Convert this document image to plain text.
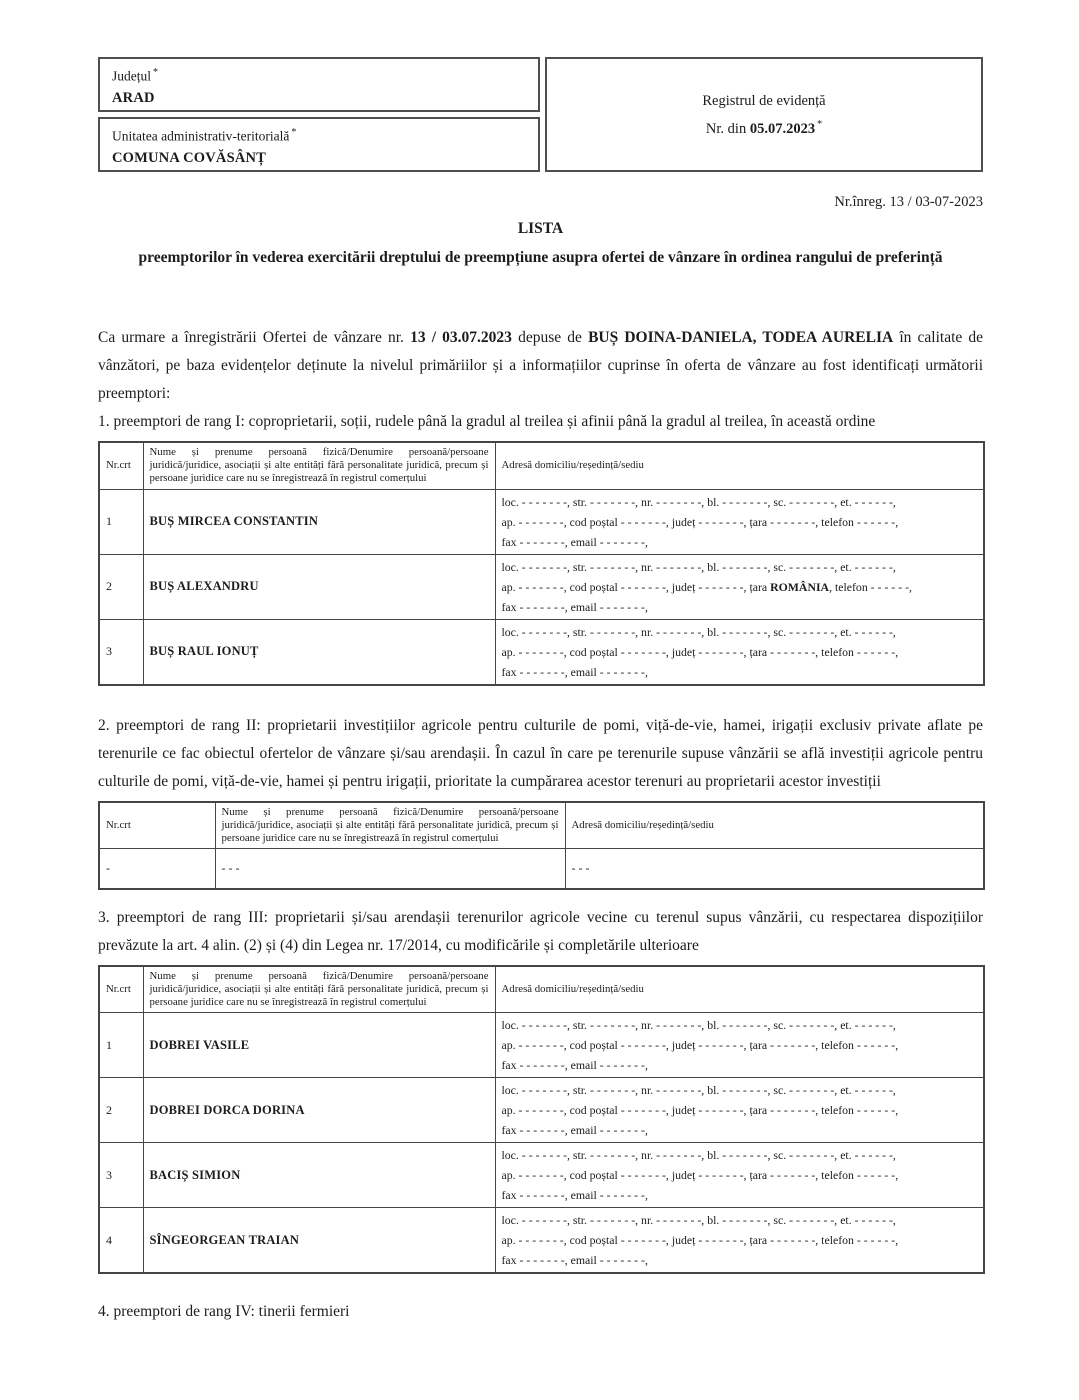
Județul *
ARAD
Unitatea administrativ-teritorială *
COMUNA COVĂSÂNȚ
Registrul de evidență
Nr. din 05.07.2023 *
Nr.înreg. 13 / 03-07-2023
LISTA
preemptorilor în vederea exercitării dreptului de preempțiune asupra ofertei de vânzare în ordinea rangului de preferință

Ca urmare a înregistrării Ofertei de vânzare nr. 13 / 03.07.2023 depuse de BUȘ DOINA-DANIELA, TODEA AURELIA în calitate de vânzători, pe baza evidențelor deținute la nivelul primăriilor și a informațiilor cuprinse în oferta de vânzare au fost identificați următorii preemptori:

1. preemptori de rang I: coproprietarii, soții, rudele până la gradul al treilea și afinii până la gradul al treilea, în această ordine

Nr.crt	Nume și prenume persoană fizică/Denumire persoană/persoane juridică/juridice, asociații și alte entități fără personalitate juridică, precum și persoane juridice care nu se înregistrează în registrul comerțului	Adresă domiciliu/reședință/sediu
1	BUȘ MIRCEA CONSTANTIN	loc. - - - - - - -, str. - - - - - - -, nr. - - - - - - -, bl. - - - - - - -, sc. - - - - - - -, et. - - - - - -,
ap. - - - - - - -, cod poștal - - - - - - -, județ - - - - - - -, țara - - - - - - -, telefon - - - - - -,
fax - - - - - - -, email - - - - - - -,

2	BUȘ ALEXANDRU	loc. - - - - - - -, str. - - - - - - -, nr. - - - - - - -, bl. - - - - - - -, sc. - - - - - - -, et. - - - - - -,
ap. - - - - - - -, cod poștal - - - - - - -, județ - - - - - - -, țara ROMÂNIA, telefon - - - - - -,
fax - - - - - - -, email - - - - - - -,

3	BUȘ RAUL IONUȚ	loc. - - - - - - -, str. - - - - - - -, nr. - - - - - - -, bl. - - - - - - -, sc. - - - - - - -, et. - - - - - -,
ap. - - - - - - -, cod poștal - - - - - - -, județ - - - - - - -, țara - - - - - - -, telefon - - - - - -,
fax - - - - - - -, email - - - - - - -,

2. preemptori de rang II: proprietarii investițiilor agricole pentru culturile de pomi, viță-de-vie, hamei, irigații exclusiv private aflate pe terenurile ce fac obiectul ofertelor de vânzare și/sau arendașii. În cazul în care pe terenurile supuse vânzării se află investiții agricole pentru culturile de pomi, viță-de-vie, hamei și pentru irigații, prioritate la cumpărarea acestor terenuri au proprietarii acestor investiții

Nr.crt	Nume și prenume persoană fizică/Denumire persoană/persoane juridică/juridice, asociații și alte entități fără personalitate juridică, precum și persoane juridice care nu se înregistrează în registrul comerțului	Adresă domiciliu/reședință/sediu
-	- - -	- - -

3. preemptori de rang III: proprietarii și/sau arendașii terenurilor agricole vecine cu terenul supus vânzării, cu respectarea dispozițiilor prevăzute la art. 4 alin. (2) și (4) din Legea nr. 17/2014, cu modificările și completările ulterioare

Nr.crt	Nume și prenume persoană fizică/Denumire persoană/persoane juridică/juridice, asociații și alte entități fără personalitate juridică, precum și persoane juridice care nu se înregistrează în registrul comerțului	Adresă domiciliu/reședință/sediu
1	DOBREI VASILE	loc. - - - - - - -, str. - - - - - - -, nr. - - - - - - -, bl. - - - - - - -, sc. - - - - - - -, et. - - - - - -,
ap. - - - - - - -, cod poștal - - - - - - -, județ - - - - - - -, țara - - - - - - -, telefon - - - - - -,
fax - - - - - - -, email - - - - - - -,

2	DOBREI DORCA DORINA	loc. - - - - - - -, str. - - - - - - -, nr. - - - - - - -, bl. - - - - - - -, sc. - - - - - - -, et. - - - - - -,
ap. - - - - - - -, cod poștal - - - - - - -, județ - - - - - - -, țara - - - - - - -, telefon - - - - - -,
fax - - - - - - -, email - - - - - - -,

3	BACIȘ SIMION	loc. - - - - - - -, str. - - - - - - -, nr. - - - - - - -, bl. - - - - - - -, sc. - - - - - - -, et. - - - - - -,
ap. - - - - - - -, cod poștal - - - - - - -, județ - - - - - - -, țara - - - - - - -, telefon - - - - - -,
fax - - - - - - -, email - - - - - - -,

4	SÎNGEORGEAN TRAIAN	loc. - - - - - - -, str. - - - - - - -, nr. - - - - - - -, bl. - - - - - - -, sc. - - - - - - -, et. - - - - - -,
ap. - - - - - - -, cod poștal - - - - - - -, județ - - - - - - -, țara - - - - - - -, telefon - - - - - -,
fax - - - - - - -, email - - - - - - -,

4. preemptori de rang IV: tinerii fermieri
